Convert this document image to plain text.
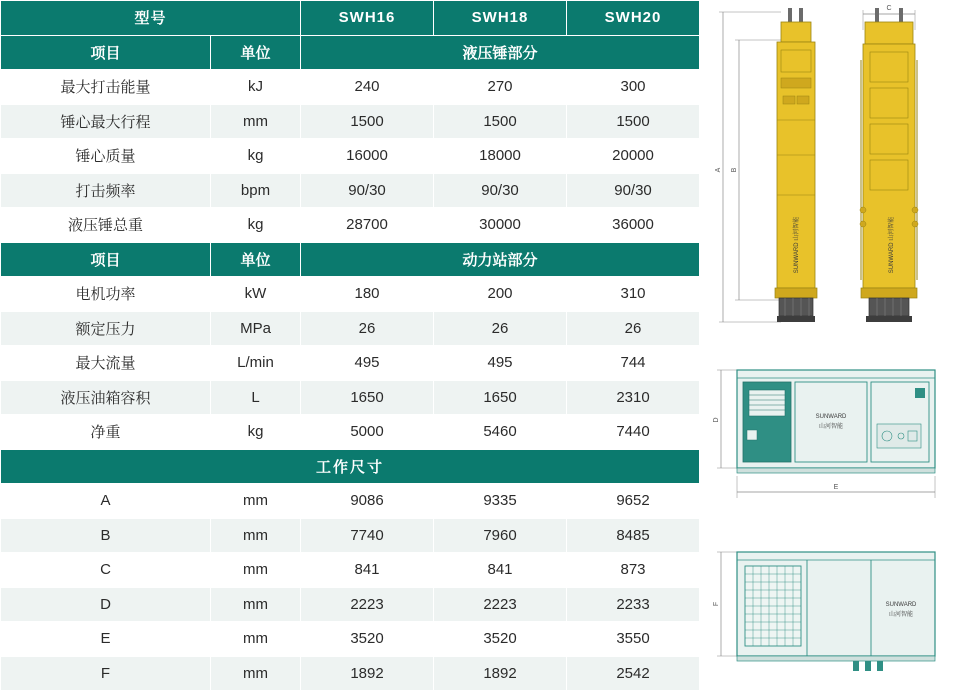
型号		SWH16	SWH18	SWH20
项目	单位	液压锤部分		
最大打击能量	kJ	240	270	300
锤心最大行程	mm	1500	1500	1500
锤心质量	kg	16000	18000	20000
打击频率	bpm	90/30	90/30	90/30
液压锤总重	kg	28700	30000	36000
项目	单位	动力站部分		
电机功率	kW	180	200	310
额定压力	MPa	26	26	26
最大流量	L/min	495	495	744
液压油箱容积	L	1650	1650	2310
净重	kg	5000	5460	7440
工作尺寸				
A	mm	9086	9335	9652
B	mm	7740	7960	8485
C	mm	841	841	873
D	mm	2223	2223	2233
E	mm	3520	3520	3550
F	mm	1892	1892	2542
A B
SUNWARD 山河智能
C
SUNWARD 山河智能
D
E
SUNWARD
山河智能
F	SUNWARD
山河智能
